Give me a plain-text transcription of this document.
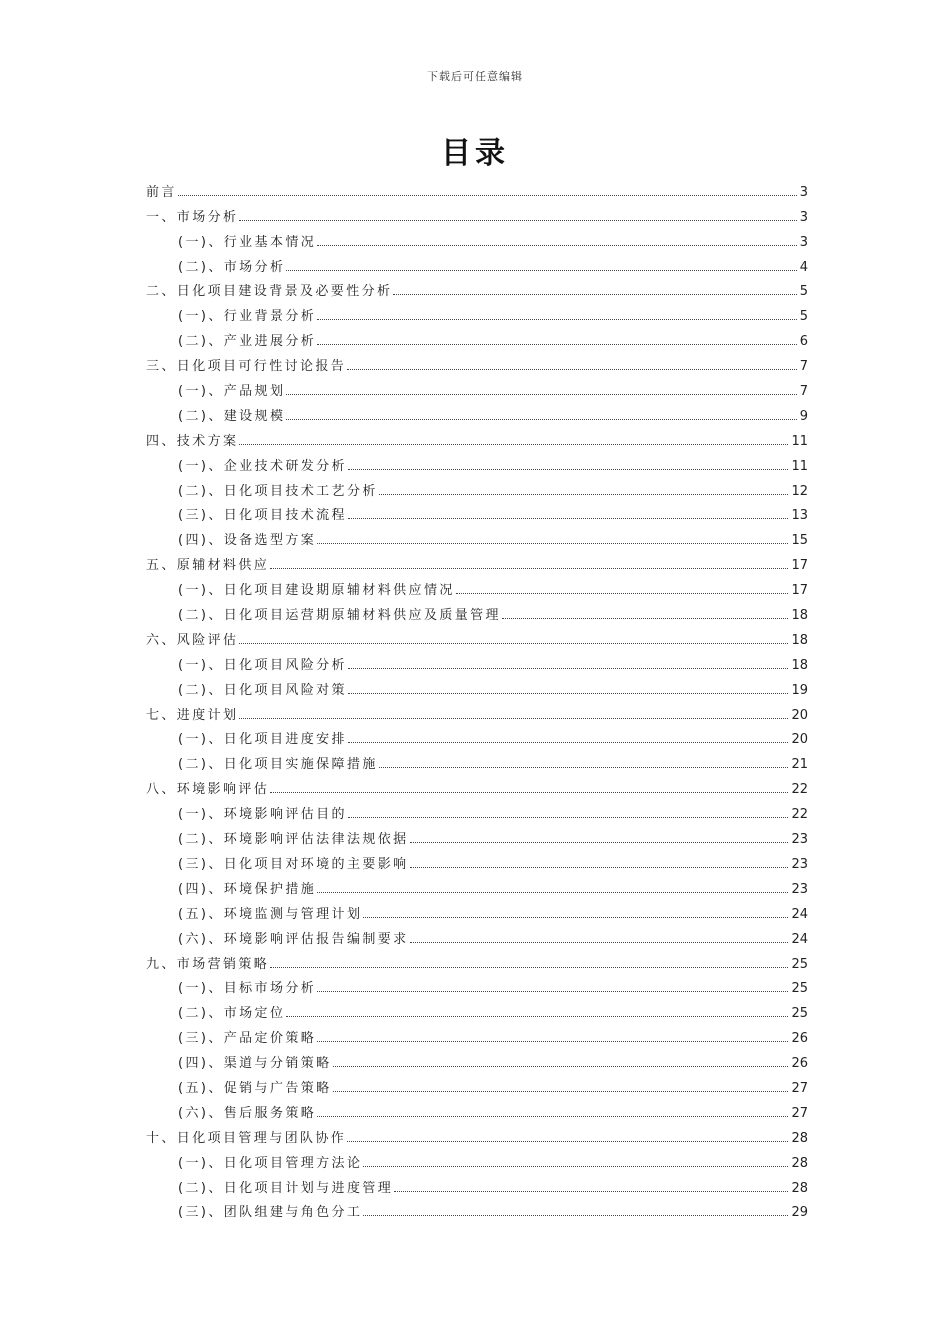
下载后可任意编辑
目录
前言	3
一、市场分析	3
(一)、行业基本情况	3
(二)、市场分析	4
二、日化项目建设背景及必要性分析	5
(一)、行业背景分析	5
(二)、产业进展分析	6
三、日化项目可行性讨论报告	7
(一)、产品规划	7
(二)、建设规模	9
四、技术方案	11
(一)、企业技术研发分析	11
(二)、日化项目技术工艺分析	12
(三)、日化项目技术流程	13
(四)、设备选型方案	15
五、原辅材料供应	17
(一)、日化项目建设期原辅材料供应情况	17
(二)、日化项目运营期原辅材料供应及质量管理	18
六、风险评估	18
(一)、日化项目风险分析	18
(二)、日化项目风险对策	19
七、进度计划	20
(一)、日化项目进度安排	20
(二)、日化项目实施保障措施	21
八、环境影响评估	22
(一)、环境影响评估目的	22
(二)、环境影响评估法律法规依据	23
(三)、日化项目对环境的主要影响	23
(四)、环境保护措施	23
(五)、环境监测与管理计划	24
(六)、环境影响评估报告编制要求	24
九、市场营销策略	25
(一)、目标市场分析	25
(二)、市场定位	25
(三)、产品定价策略	26
(四)、渠道与分销策略	26
(五)、促销与广告策略	27
(六)、售后服务策略	27
十、日化项目管理与团队协作	28
(一)、日化项目管理方法论	28
(二)、日化项目计划与进度管理	28
(三)、团队组建与角色分工	29
